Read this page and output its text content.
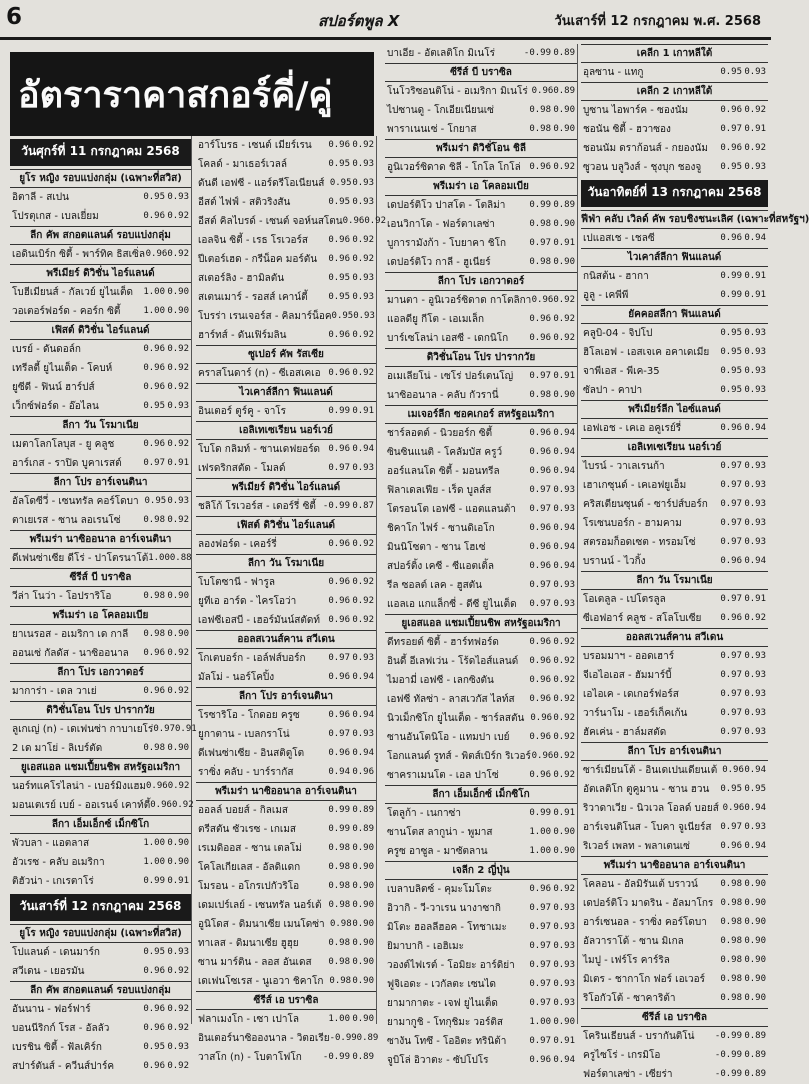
6	สปอร์ตพูล X	วันเสาร์ที่ 12 กรกฎาคม พ.ศ. 2568
อัตราราคาสกอร์คี่/คู่
วันศุกร์ที่ 11 กรกฎาคม 2568
ยูโร หญิง รอบแบ่งกลุ่ม (เฉพาะที่สวิส)
อิตาลี - สเปน	0.95 0.93
โปรตุเกส - เบลเยี่ยม	0.96 0.92
ลีก คัพ สกอตแลนด์ รอบแบ่งกลุ่ม
เอดินเบิร์ก ซิตี้ - พาร์ทิค ธิสเซิ่ล 0.96 0.92
พรีเมียร์ ดิวิชั่น ไอร์แลนด์
โบฮีเมียนส์ - กัลเวย์ ยูไนเต็ด	1.00 0.90
วอเตอร์ฟอร์ด - คอร์ก ซิตี้	1.00 0.90
เฟิสต์ ดิวิชั่น ไอร์แลนด์
เบรย์ - ดันดอล์ก	0.96 0.92
เทรีลตี้ ยูไนเต็ด - โคบห์	0.96 0.92
ยูซีดี - ฟินน์ ฮาร์ปส์	0.96 0.92
เว็กซ์ฟอร์ด - อ๊อไลน	0.95 0.93
ลีกา วัน โรมาเนีย
เมตาโลกโลบุส - ยู คลูช	0.96 0.92
อาร์เกส - ราปิด บูคาเรสต์	0.97 0.91
ลีกา โปร อาร์เจนตินา
อัลโดซีวี่ - เซนทรัล คอร์โดบา 0.95 0.93
ตาเยเรส - ซาน ลอเรนโซ่	0.98 0.92
พรีเมร่า นาซิออนาล อาร์เจนตินา
ดีเฟนซ่าเซีย ดีโร่ - ปาโตรนาโต้ 1.00 0.88
ซีรีส์ บี บราซิล
วีล่า โนว่า - โอปราริโอ	0.98 0.90
พรีเมร่า เอ โคลอมเบีย
ยาเนรอส - อเมริกา เด กาลี	0.98 0.90
ออนเซ่ กัลดัส - นาซิออนาล	0.96 0.92
ลีกา โปร เอกวาดอร์
มาการ่า - เดล วาเย่	0.96 0.92
ดิวิชั่นโอน โปร ปารากวัย
ลูเกเญ่ (n) - เดเฟนซ่า กาบาเยโร่ 0.97 0.91
2 เด มาโย่ - ลิเบร์ตัด	0.98 0.90
ยูเอสแอล แชมเปี้ยนชิพ สหรัฐอเมริกา
นอร์ทแคโรไลน่า - เบอร์มิงแฮม 0.96 0.92
มอนเตเรย์ เบย์ - ออเรนจ์ เคาท์ตี้ 0.96 0.92
ลีกา เอ็มเอ็กซ์ เม็กซิโก
พัวบลา - แอตลาส	1.00 0.90
อัวเรซ - คลับ อเมริกา	1.00 0.90
ติฮัวน่า - เกเรตาโร่	0.99 0.91
วันเสาร์ที่ 12 กรกฎาคม 2568
ยูโร หญิง รอบแบ่งกลุ่ม (เฉพาะที่สวิส)
โปแลนด์ - เดนมาร์ก	0.95 0.93
สวีเดน - เยอรมัน	0.96 0.92
ลีก คัพ สกอตแลนด์ รอบแบ่งกลุ่ม
อันนาน - ฟอร์ฟาร์	0.96 0.92
บอนนีริกก์ โรส - อัลลัว	0.96 0.92
เบรชิน ซิตี้ - ฟัลเคิร์ก	0.95 0.93
สปาร์ตันส์ - ควีนส์ปาร์ค	0.96 0.92
อาร์โบรธ - เซนต์ เมียร์เรน	0.96 0.92
โคลด์ - มาเธอร์เวลล์	0.95 0.93
ดันดี เอฟซี - แอร์ดรีโอเนียนส์ 0.95 0.93
อีสต์ ไฟฟ์ - สติวริงสัน	0.95 0.93
อีสต์ คิลไบรด์ - เซนต์ จอห์นสโตน 0.96 0.92
เอลจิน ซิตี้ - เรธ โรเวอร์ส	0.96 0.92
ปีเตอร์เฮด - กรีน็อค มอร์ตัน	0.96 0.92
สเตอร์ลิง - ฮามิลตัน	0.95 0.93
สเตนเมาร์ - รอสส์ เคาน์ตี้	0.95 0.93
โบรร่า เรนเจอร์ส - คิลมาร์น็อค 0.95 0.93
ฮาร์ทส์ - ดันเฟิร์มลิน	0.96 0.92
ซูเปอร์ คัพ รัสเซีย
คราสโนดาร์ (n) - ซีเอสเคเอ 0.96 0.92
ไวเคาส์ลีกา ฟินแลนด์
อินเตอร์ ตูร์คู - จาโร	0.99 0.91
เอลิเทเซเรียน นอร์เวย์
โบโด กลิมท์ - ซานเดฟยอร์ด 0.96 0.94
เฟรดริกสตัด - โมลด์	0.97 0.93
พรีเมียร์ ดิวิชั่น ไอร์แลนด์
ชลิโก้ โรเวอร์ส - เดอร์รี่ ซิตี้ -0.99 0.87
เฟิสต์ ดิวิชั่น ไอร์แลนด์
ลองฟอร์ด - เคอร์รี่	0.96 0.92
ลีกา วัน โรมาเนีย
โบโตซานี - ฟารูล	0.96 0.92
ยูทีเอ อาร์ด - ไครโอว่า	0.96 0.92
เอฟซีเอสบี - เฮอร์มันน์สตัดท์ 0.96 0.92
ออลสเวนส์คาน สวีเดน
โกเตบอร์ก - เอล์ฟส์บอร์ก	0.97 0.93
มัลโม่ - นอร์โคปิ้ง	0.96 0.94
ลีกา โปร อาร์เจนตินา
โรซาริโอ - โกดอย ครูซ	0.96 0.94
ยูกาตาน - เบลกราโน่	0.97 0.93
ดีเฟนซ่าเซีย - อินสติตูโต	0.96 0.94
ราซิ่ง คลับ - บาร์รากัส	0.94 0.96
พรีเมร่า นาซิออนาล อาร์เจนตินา
ออลล์ บอยส์ - กิลเมส	0.99 0.89
ตรีสตัน ซัวเรซ - เกเมส	0.99 0.89
เรเมดิออส - ซาน เตลโม่	0.98 0.90
โคโลเกียเลส - อัลดิแดก	0.98 0.90
โมรอน - อโกรเปกัวริโอ	0.98 0.90
เดมเปร์เลย์ - เซนทรัล นอร์เต้ 0.98 0.90
อูนิโดส - ดิมนาเซีย เมนโดซ่า 0.98 0.90
ทาเลส - ดิมนาเซีย ฮูฮุย	0.98 0.90
ซาน มาร์ติน - ลอส อันเดส	0.98 0.90
เดเฟนโซเรส - นูเอวา ชิคาโก 0.98 0.90
ซีรีส์ เอ บราซิล
ฟลาเมงโก - เซา เปาโล	1.00 0.90
อินเตอร์นาซิอองนาล - วิตอเรีย -0.99 0.89
วาสโก (n) - โบตาโฟโก	-0.99 0.89
บาเอีย - อัตเลติโก มิเนโร่	-0.99 0.89
ซีรีส์ บี บราซิล
โนโวริซอนติโน่ - อเมริกา มิเนโร่ 0.96 0.89
ไปซานดู - โกเอียเนียนเซ่	0.98 0.90
พาราเนนเซ่ - โกยาส	0.98 0.90
พรีเมร่า ดิวิชั่โอน ชิลี
อูนิเวอร์ซิดาด ชิลี - โกโล โกโล่ 0.96 0.92
พรีเมร่า เอ โคลอมเบีย
เดปอร์ติโว ปาสโต - โตลิม่า	0.99 0.89
เอนวิกาโด - ฟอร์ตาเลซ่า	0.98 0.90
บูการามังก้า - โบยาคา ชิโก	0.97 0.91
เดปอร์ติโว กาลี - ฮูเนียร์	0.98 0.90
ลีกา โปร เอกวาดอร์
มานตา - อูนิเวอร์ซิดาด กาโตลิกา 0.96 0.92
แอลดียู กีโต - เอเมเล็ก	0.96 0.92
บาร์เซโลน่า เอสซี - เดกนิโก	0.96 0.92
ดิวิชั่นโอน โปร ปารากวัย
อเมเลียโน่ - เซโร่ ปอร์เตนโญ่	0.97 0.91
นาซิออนาล - คลับ กัวรานี่	0.98 0.90
เมเจอร์ลีก ซอคเกอร์ สหรัฐอเมริกา
ชาร์ลอตต์ - นิวยอร์ก ซิตี้	0.96 0.94
ซินซินแนติ - โคลัมบัส ครูว์	0.96 0.94
ออร์แลนโด ซิตี้ - มอนทรีล	0.96 0.94
ฟิลาเดลเฟีย - เร็ด บูลส์ส	0.97 0.93
โตรอนโต เอฟซี - แอตแลนต้า	0.97 0.93
ชิคาโก ไฟร์ - ซานดิเอโก	0.96 0.94
มินนิโซตา - ซาน โฮเซ่	0.96 0.94
สปอร์ติ้ง เคซี - ซีแอตเติ้ล	0.96 0.94
รีล ซอลต์ เลค - ฮูสตัน	0.97 0.93
แอลเอ แกแล็กซี่ - ดีซี ยูไนเต็ด	0.97 0.93
ยูเอสแอล แชมเปี้ยนชิพ สหรัฐอเมริกา
ดีทรอยต์ ซิตี้ - ฮาร์ทฟอร์ด	0.96 0.92
อินดี้ อีเลฟเว่น - โร้ดไอส์แลนด์	0.96 0.92
ไมอามี่ เอฟซี - เลกซิงตัน	0.96 0.92
เอฟซี ทัลซ่า - ลาสเวกัส ไลท์ส	0.96 0.92
นิวเม็กซิโก ยูไนเต็ด - ชาร์ลสตัน 0.96 0.92
ซานอันโตนิโอ - แทมปา เบย์	0.96 0.92
โอกแลนด์ รูทส์ - พิตส์เบิร์ก ริเวอร์ 0.96 0.92
ซาคราเมนโต - เอล ปาโซ่	0.96 0.92
ลีกา เอ็มเอ็กซ์ เม็กซิโก
โตลูก้า - เนกาซ่า	0.99 0.91
ซานโตส ลากูน่า - พูมาส	1.00 0.90
ครูซ อาซูล - มาซัตลาน	1.00 0.90
เจลีก 2 ญี่ปุ่น
เบลาบลิตซ์ - คุมะโมโตะ	0.96 0.92
อิวากิ - วี-วาเรน นางาซากิ	0.97 0.93
มิโตะ ฮอลลีฮอค - โทชาเมะ	0.97 0.93
ยิมาบากิ - เอฮิเมะ	0.97 0.93
วองต์ไฟเรต์ - โอมิยะ อาร์ดิย่า	0.97 0.93
ฟูจิเอดะ - เวกัลตะ เซนได	0.97 0.93
ยามากาตะ - เจฟ ยูไนเต็ด	0.97 0.93
ยามากูชิ - โทกุชิมะ วอร์ติส	1.00 0.90
ซางัน โทซึ - โออิตะ ทรินิต้า	0.97 0.91
จูบิโล่ อิวาตะ - ซัปโปโร	0.96 0.94
เคลีก 1 เกาหลีใต้
อุลซาน - แทกู	0.95 0.93
เคลีก 2 เกาหลีใต้
บูซาน ไอพาร์ค - ซองนัม	0.96 0.92
ชอนัน ซิตี้ - ฮวาซอง	0.97 0.91
ชอนนัม ดราก้อนส์ - กยองนัม	0.96 0.92
ซูวอน บลูวิงส์ - ชุงบุก ชองจู	0.95 0.93
วันอาทิตย์ที่ 13 กรกฎาคม 2568
ฟีฟ่า คลับ เวิลด์ คัพ รอบชิงชนะเลิศ (เฉพาะที่สหรัฐฯ)
เปแอสเช - เชลซี	0.96 0.94
ไวเคาส์ลีกา ฟินแลนด์
กนิสต้น - ฮากา	0.99 0.91
อูลู - เคพีพี	0.99 0.91
ยัคคอสลีกา ฟินแลนด์
คลูบิ-04 - จิปโป	0.95 0.93
ฮิโลเอฟ - เอสเจเค อคาเดเมีย	0.95 0.93
จาพีเอส - พีเค-35	0.95 0.93
ซัลปา - คาปา	0.95 0.93
พรีเมียร์ลีก ไอซ์แลนด์
เอฟเอช - เคเอ อคูเรย์รี่	0.96 0.94
เอลิเทเซเรียน นอร์เวย์
ไบรน์ - วาเลเรนก้า	0.97 0.93
เฮาเกซุนด์ - เคเอฟยูเอ็ม	0.97 0.93
คริสเตียนซุนด์ - ซาร์ปส์บอร์ก	0.97 0.93
โรเซนบอร์ก - ฮามคาม	0.97 0.93
สตรอมก็อดเซต - ทรอมโซ่	0.97 0.93
บรานน์ - ไวกิ้ง	0.96 0.94
ลีกา วัน โรมาเนีย
โอเตลูล - เปโตรลูล	0.97 0.91
ซีเอฟอาร์ คลูช - สโลโบเซีย	0.96 0.92
ออลสเวนส์คาน สวีเดน
บรอมมาฯ - ออดเฮาร์	0.97 0.93
จีเอไอเอส - ฮัมมาร์บี้	0.97 0.93
เอไอเค - เดเกอร์ฟอร์ส	0.97 0.93
วาร์นาโม - เฮอร์เก็คเก้น	0.97 0.93
ฮัคเค่น - ฮาล์มสตัด	0.97 0.93
ลีกา โปร อาร์เจนตินา
ซาร์เมียนโต้ - อินเดเปนเดียนเต้ 0.96 0.94
อัตเลติโก ตูคูมาน - ซาน ฮวน	0.95 0.95
ริวาดาเวีย - นิวเวล โอลด์ บอยส์ 0.96 0.94
อาร์เจนติโนส - โบคา จูเนียร์ส 0.97 0.93
ริเวอร์ เพลท - พลาเตนเซ่	0.96 0.94
พรีเมร่า นาซิออนาล อาร์เจนตินา
โคลอน - อัลมิรันเต้ บราวน์	0.98 0.90
เดปอร์ติโว มาดริน - อัลมาโกร 0.98 0.90
อาร์เซนอล - ราซิ่ง คอร์โดบา	0.98 0.90
อัลวาราโด้ - ซาน มิเกล	0.98 0.90
ไมปู - เฟร์โร คาร์ริล	0.98 0.90
มิเตร - ชากาโก ฟอร์ เอเวอร์	0.98 0.90
ริโอกัวโต้ - ซาคาริต้า	0.98 0.90
ซีรีส์ เอ บราซิล
โครินเธียนส์ - บรากันติโน่	-0.99 0.89
ครูไซโร่ - เกรมิโอ	-0.99 0.89
ฟอร์ตาเลซ่า - เซียร่า	-0.99 0.89
